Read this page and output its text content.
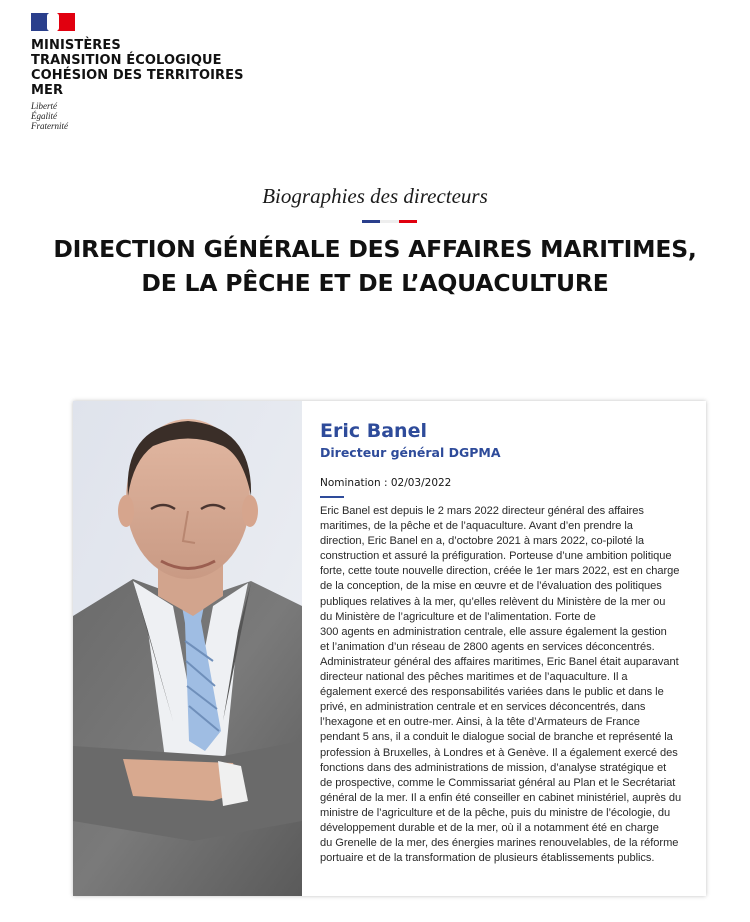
MINISTÈRES
TRANSITION ÉCOLOGIQUE
COHÉSION DES TERRITOIRES
MER
Liberté
Égalité
Fraternité
Biographies des directeurs
DIRECTION GÉNÉRALE DES AFFAIRES MARITIMES,
DE LA PÊCHE ET DE L’AQUACULTURE
Eric Banel
Directeur général DGPMA
Nomination : 02/03/2022
Eric Banel est depuis le 2 mars 2022 directeur général des affaires
maritimes, de la pêche et de l’aquaculture. Avant d’en prendre la
direction, Eric Banel en a, d’octobre 2021 à mars 2022, co-piloté la
construction et assuré la préfiguration. Porteuse d’une ambition politique
forte, cette toute nouvelle direction, créée le 1er mars 2022, est en charge
de la conception, de la mise en œuvre et de l’évaluation des politiques
publiques relatives à la mer, qu’elles relèvent du Ministère de la mer ou
du Ministère de l’agriculture et de l’alimentation. Forte de
300 agents en administration centrale, elle assure également la gestion
et l’animation d’un réseau de 2800 agents en services déconcentrés.
Administrateur général des affaires maritimes, Eric Banel était auparavant
directeur national des pêches maritimes et de l’aquaculture. Il a
également exercé des responsabilités variées dans le public et dans le
privé, en administration centrale et en services déconcentrés, dans
l’hexagone et en outre-mer. Ainsi, à la tête d’Armateurs de France
pendant 5 ans, il a conduit le dialogue social de branche et représenté la
profession à Bruxelles, à Londres et à Genève. Il a également exercé des
fonctions dans des administrations de mission, d’analyse stratégique et
de prospective, comme le Commissariat général au Plan et le Secrétariat
général de la mer. Il a enfin été conseiller en cabinet ministériel, auprès du
ministre de l’agriculture et de la pêche, puis du ministre de l’écologie, du
développement durable et de la mer, où il a notamment été en charge
du Grenelle de la mer, des énergies marines renouvelables, de la réforme
portuaire et de la transformation de plusieurs établissements publics.
